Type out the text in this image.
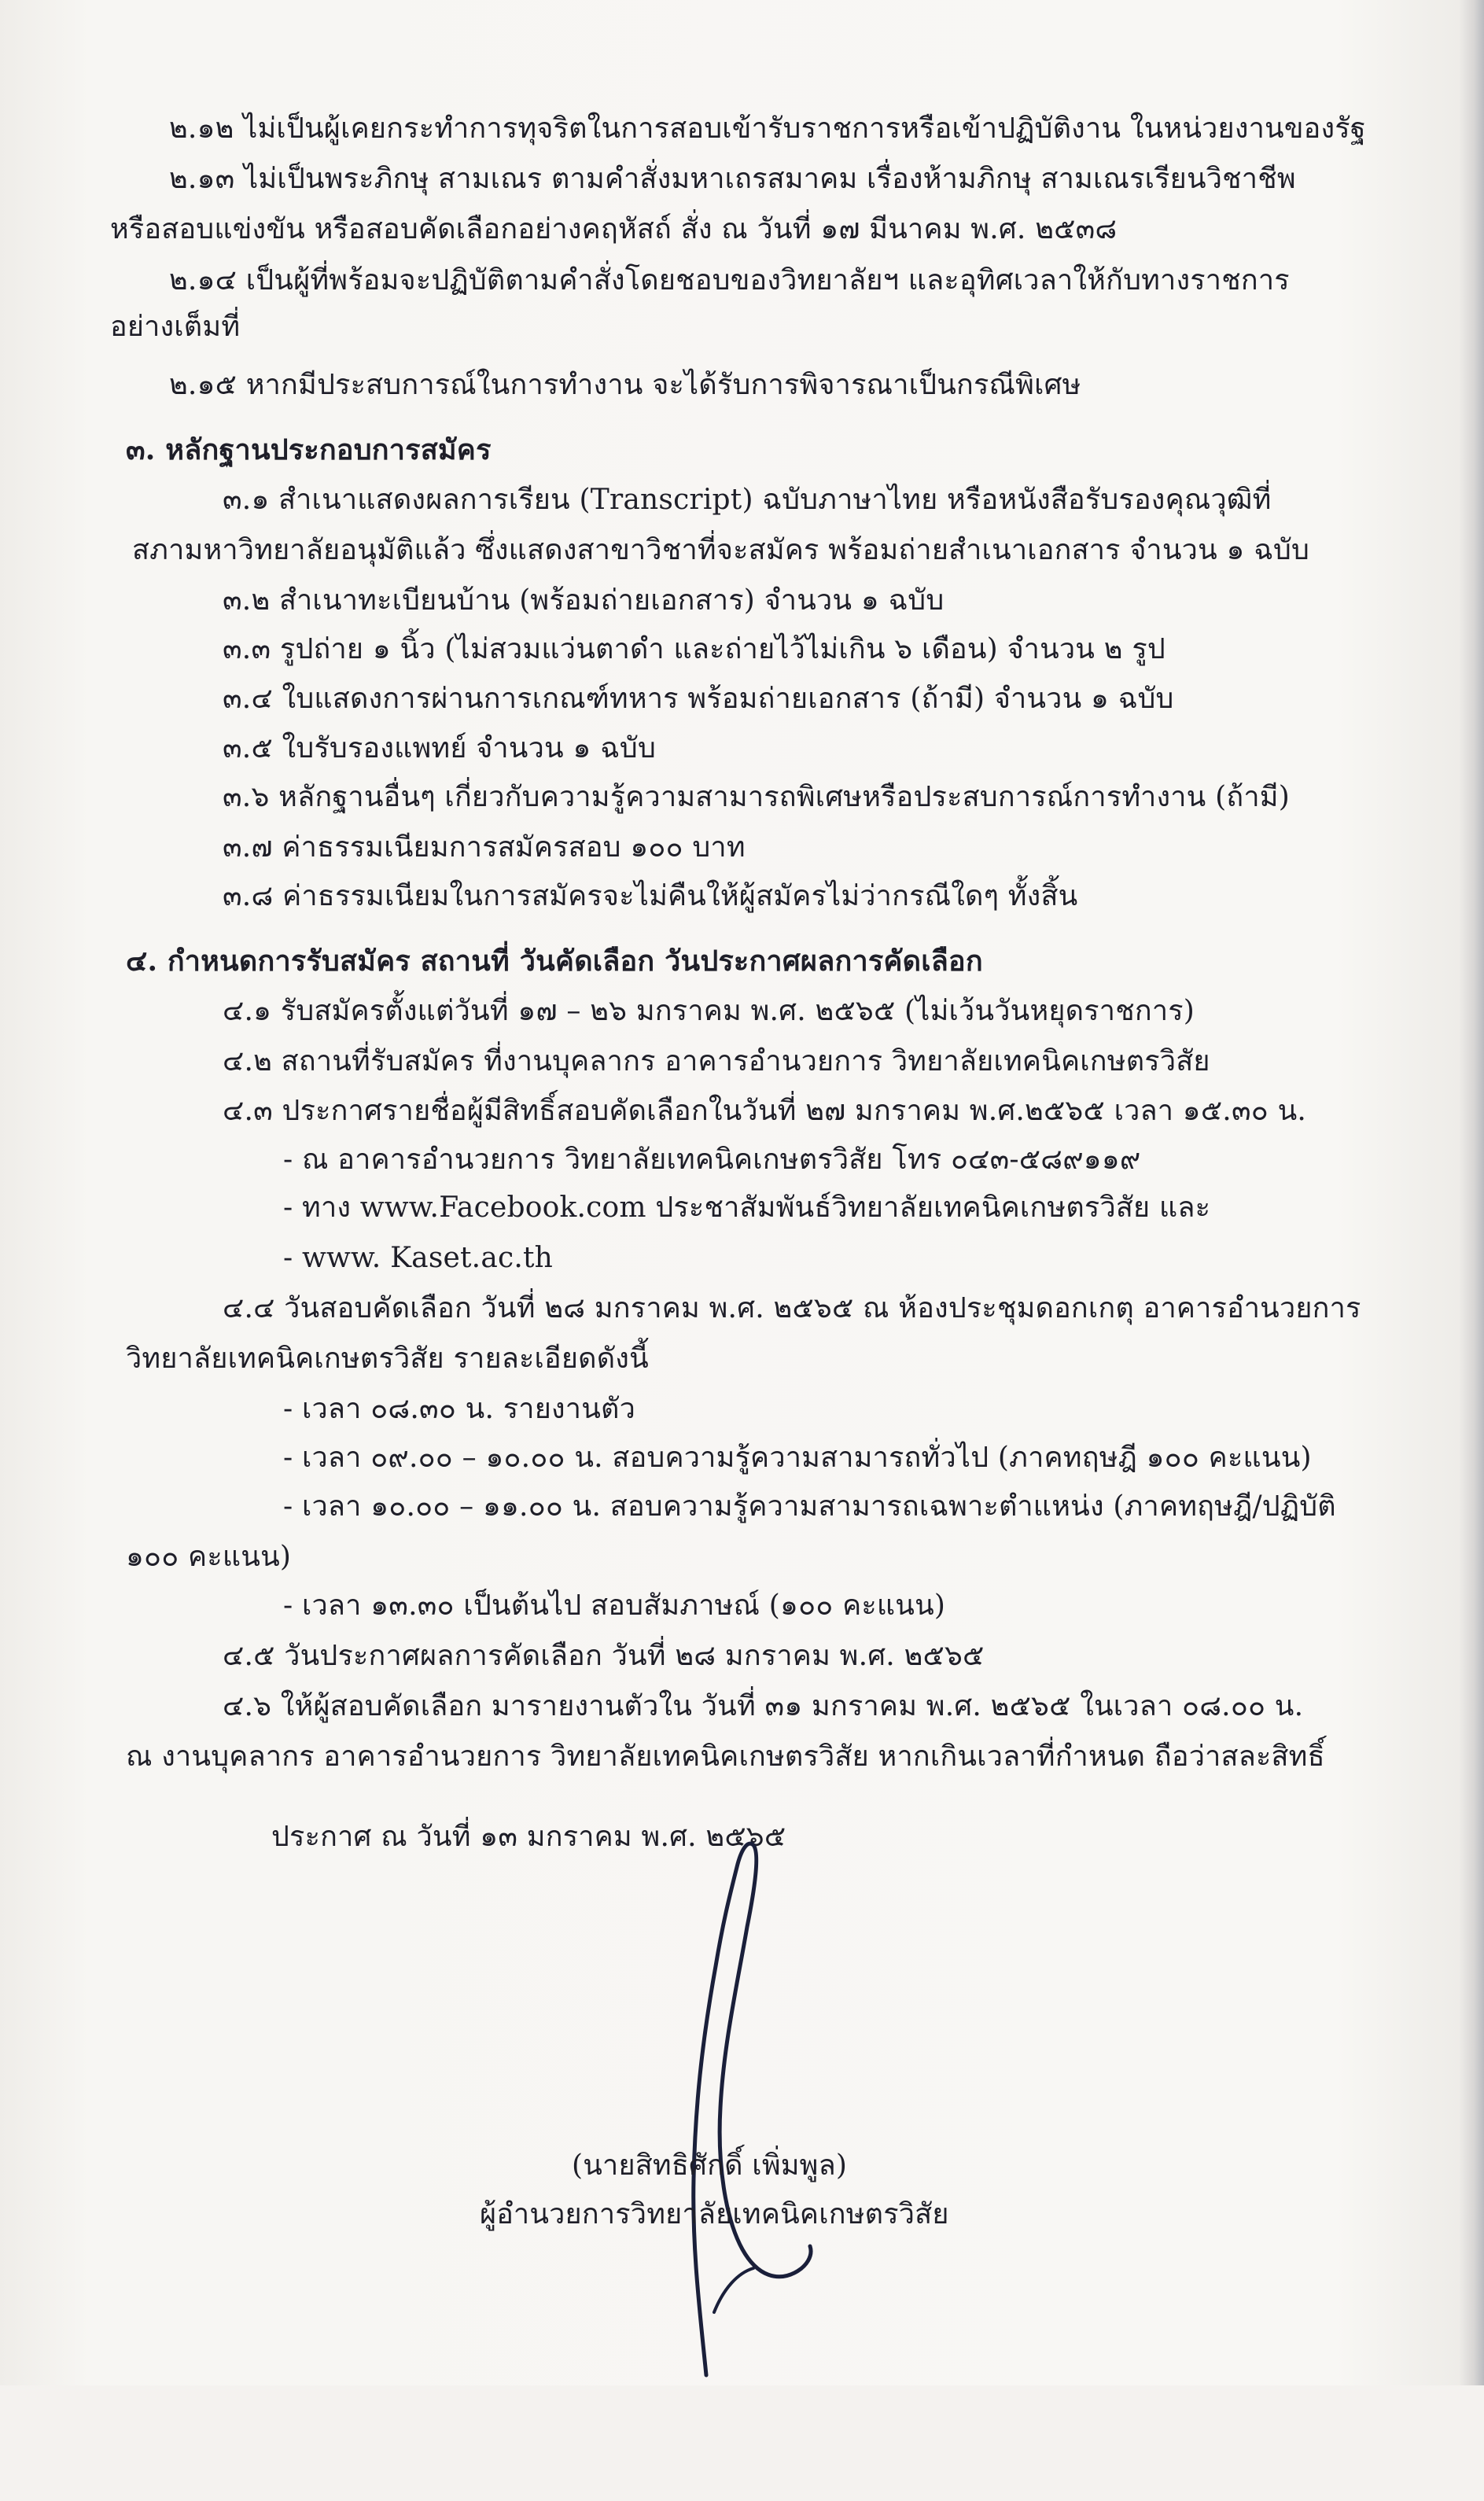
๒.๑๒ ไม่เป็นผู้เคยกระทำการทุจริตในการสอบเข้ารับราชการหรือเข้าปฏิบัติงาน ในหน่วยงานของรัฐ
๒.๑๓ ไม่เป็นพระภิกษุ สามเณร ตามคำสั่งมหาเถรสมาคม เรื่องห้ามภิกษุ สามเณรเรียนวิชาชีพ
หรือสอบแข่งขัน หรือสอบคัดเลือกอย่างคฤหัสถ์ สั่ง ณ วันที่ ๑๗ มีนาคม พ.ศ. ๒๕๓๘
๒.๑๔ เป็นผู้ที่พร้อมจะปฏิบัติตามคำสั่งโดยชอบของวิทยาลัยฯ และอุทิศเวลาให้กับทางราชการ
อย่างเต็มที่
๒.๑๕ หากมีประสบการณ์ในการทำงาน จะได้รับการพิจารณาเป็นกรณีพิเศษ
๓. หลักฐานประกอบการสมัคร
๓.๑ สำเนาแสดงผลการเรียน (Transcript) ฉบับภาษาไทย หรือหนังสือรับรองคุณวุฒิที่
สภามหาวิทยาลัยอนุมัติแล้ว ซึ่งแสดงสาขาวิชาที่จะสมัคร พร้อมถ่ายสำเนาเอกสาร จำนวน ๑ ฉบับ
๓.๒ สำเนาทะเบียนบ้าน (พร้อมถ่ายเอกสาร) จำนวน ๑ ฉบับ
๓.๓ รูปถ่าย ๑ นิ้ว (ไม่สวมแว่นตาดำ และถ่ายไว้ไม่เกิน ๖ เดือน) จำนวน ๒ รูป
๓.๔ ใบแสดงการผ่านการเกณฑ์ทหาร พร้อมถ่ายเอกสาร (ถ้ามี) จำนวน ๑ ฉบับ
๓.๕ ใบรับรองแพทย์ จำนวน ๑ ฉบับ
๓.๖ หลักฐานอื่นๆ เกี่ยวกับความรู้ความสามารถพิเศษหรือประสบการณ์การทำงาน (ถ้ามี)
๓.๗ ค่าธรรมเนียมการสมัครสอบ ๑๐๐ บาท
๓.๘ ค่าธรรมเนียมในการสมัครจะไม่คืนให้ผู้สมัครไม่ว่ากรณีใดๆ ทั้งสิ้น
๔. กำหนดการรับสมัคร สถานที่ วันคัดเลือก วันประกาศผลการคัดเลือก
๔.๑ รับสมัครตั้งแต่วันที่ ๑๗ – ๒๖ มกราคม พ.ศ. ๒๕๖๕ (ไม่เว้นวันหยุดราชการ)
๔.๒ สถานที่รับสมัคร ที่งานบุคลากร อาคารอำนวยการ วิทยาลัยเทคนิคเกษตรวิสัย
๔.๓ ประกาศรายชื่อผู้มีสิทธิ์สอบคัดเลือกในวันที่ ๒๗ มกราคม พ.ศ.๒๕๖๕ เวลา ๑๕.๓๐ น.
- ณ อาคารอำนวยการ วิทยาลัยเทคนิคเกษตรวิสัย โทร ๐๔๓-๕๘๙๑๑๙
- ทาง www.Facebook.com ประชาสัมพันธ์วิทยาลัยเทคนิคเกษตรวิสัย และ
- www. Kaset.ac.th
๔.๔ วันสอบคัดเลือก วันที่ ๒๘ มกราคม พ.ศ. ๒๕๖๕ ณ ห้องประชุมดอกเกตุ อาคารอำนวยการ
วิทยาลัยเทคนิคเกษตรวิสัย รายละเอียดดังนี้
- เวลา ๐๘.๓๐ น. รายงานตัว
- เวลา ๐๙.๐๐ – ๑๐.๐๐ น. สอบความรู้ความสามารถทั่วไป (ภาคทฤษฎี ๑๐๐ คะแนน)
- เวลา ๑๐.๐๐ – ๑๑.๐๐ น. สอบความรู้ความสามารถเฉพาะตำแหน่ง (ภาคทฤษฎี/ปฏิบัติ
๑๐๐ คะแนน)
- เวลา ๑๓.๓๐ เป็นต้นไป สอบสัมภาษณ์ (๑๐๐ คะแนน)
๔.๕ วันประกาศผลการคัดเลือก วันที่ ๒๘ มกราคม พ.ศ. ๒๕๖๕
๔.๖ ให้ผู้สอบคัดเลือก มารายงานตัวใน วันที่ ๓๑ มกราคม พ.ศ. ๒๕๖๕ ในเวลา ๐๘.๐๐ น.
ณ งานบุคลากร อาคารอำนวยการ วิทยาลัยเทคนิคเกษตรวิสัย หากเกินเวลาที่กำหนด ถือว่าสละสิทธิ์
ประกาศ ณ วันที่ ๑๓ มกราคม พ.ศ. ๒๕๖๕
(นายสิทธิศักดิ์ เพิ่มพูล)
ผู้อำนวยการวิทยาลัยเทคนิคเกษตรวิสัย
